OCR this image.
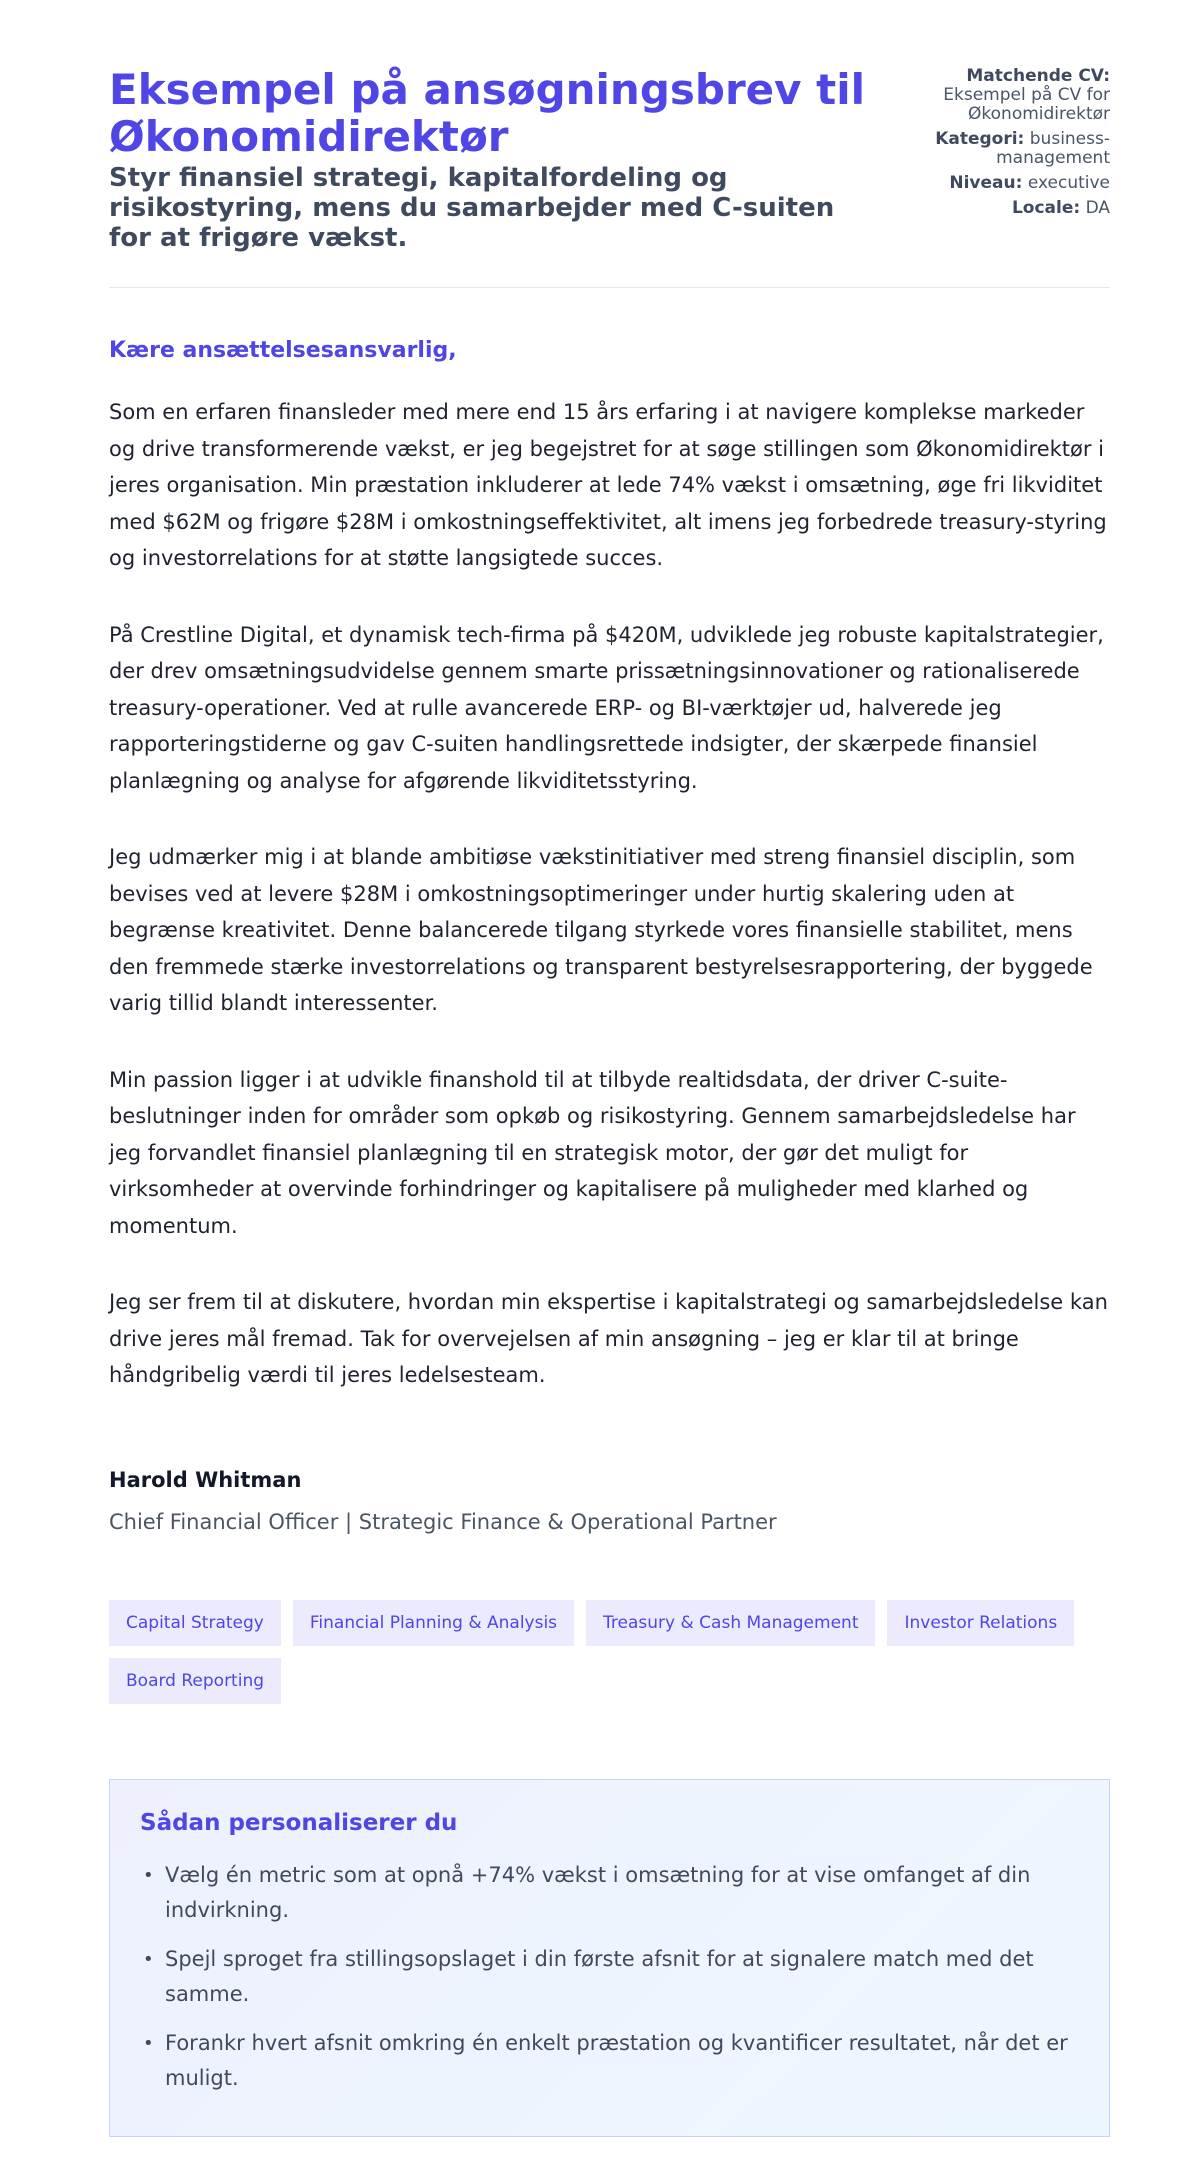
Eksempel på ansøgningsbrev til Økonomidirektør
Styr finansiel strategi, kapitalfordeling og risikostyring, mens du samarbejder med C-suiten for at frigøre vækst.
Matchende CV:
Eksempel på CV for Økonomidirektør
Kategori: business-management
Niveau: executive
Locale: DA
Kære ansættelsesansvarlig,

Som en erfaren finansleder med mere end 15 års erfaring i at navigere komplekse markeder og drive transformerende vækst, er jeg begejstret for at søge stillingen som Økonomidirektør i jeres organisation. Min præstation inkluderer at lede 74% vækst i omsætning, øge fri likviditet med $62M og frigøre $28M i omkostningseffektivitet, alt imens jeg forbedrede treasury-styring og investorrelations for at støtte langsigtede succes.

På Crestline Digital, et dynamisk tech-firma på $420M, udviklede jeg robuste kapitalstrategier, der drev omsætningsudvidelse gennem smarte prissætningsinnovationer og rationaliserede treasury-operationer. Ved at rulle avancerede ERP- og BI-værktøjer ud, halverede jeg rapporteringstiderne og gav C-suiten handlingsrettede indsigter, der skærpede finansiel planlægning og analyse for afgørende likviditetsstyring.

Jeg udmærker mig i at blande ambitiøse vækstinitiativer med streng finansiel disciplin, som bevises ved at levere $28M i omkostningsoptimeringer under hurtig skalering uden at begrænse kreativitet. Denne balancerede tilgang styrkede vores finansielle stabilitet, mens den fremmede stærke investorrelations og transparent bestyrelsesrapportering, der byggede varig tillid blandt interessenter.

Min passion ligger i at udvikle finanshold til at tilbyde realtidsdata, der driver C-suite-beslutninger inden for områder som opkøb og risikostyring. Gennem samarbejdsledelse har jeg forvandlet finansiel planlægning til en strategisk motor, der gør det muligt for virksomheder at overvinde forhindringer og kapitalisere på muligheder med klarhed og momentum.

Jeg ser frem til at diskutere, hvordan min ekspertise i kapitalstrategi og samarbejdsledelse kan drive jeres mål fremad. Tak for overvejelsen af min ansøgning – jeg er klar til at bringe håndgribelig værdi til jeres ledelsesteam.

Harold Whitman
Chief Financial Officer | Strategic Finance & Operational Partner
Capital Strategy	Financial Planning & Analysis	Treasury & Cash Management	Investor Relations
Board Reporting
Sådan personaliserer du
• Vælg én metric som at opnå +74% vækst i omsætning for at vise omfanget af din indvirkning.
• Spejl sproget fra stillingsopslaget i din første afsnit for at signalere match med det samme.
• Forankr hvert afsnit omkring én enkelt præstation og kvantificer resultatet, når det er muligt.
